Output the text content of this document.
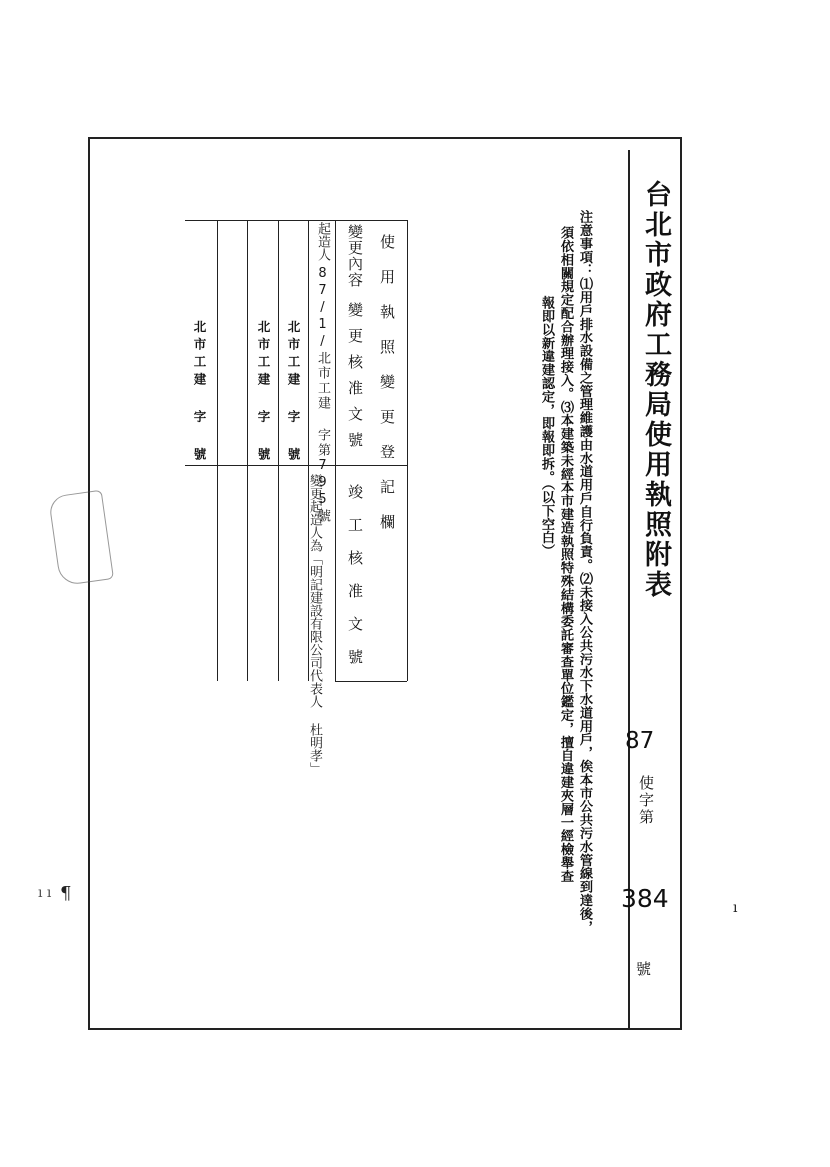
台北市政府工務局使用執照附表
87
使字第
384
號
ı
注意事項：⑴用戶排水設備之管理維護由水道用戶自行負責。⑵未接入公共污水下水道用戶，俟本市公共污水管線到達後，
須依相關規定配合辦理接入。⑶本建築未經本市建造執照特殊結構委託審查單位鑑定，擅自違建夾層一經檢舉查
報即以新違建認定，即報即拆。（以下空白）
使用執照變更登記欄
變更內容
變更核准文號
竣工核准文號
起造人
87/1/北市工建 字第795號
變更起造人為「明記建設有限公司代表人 杜明孝」
北市工建 字 號
北市工建 字 號
北市工建 字 號
ı ı ¶
